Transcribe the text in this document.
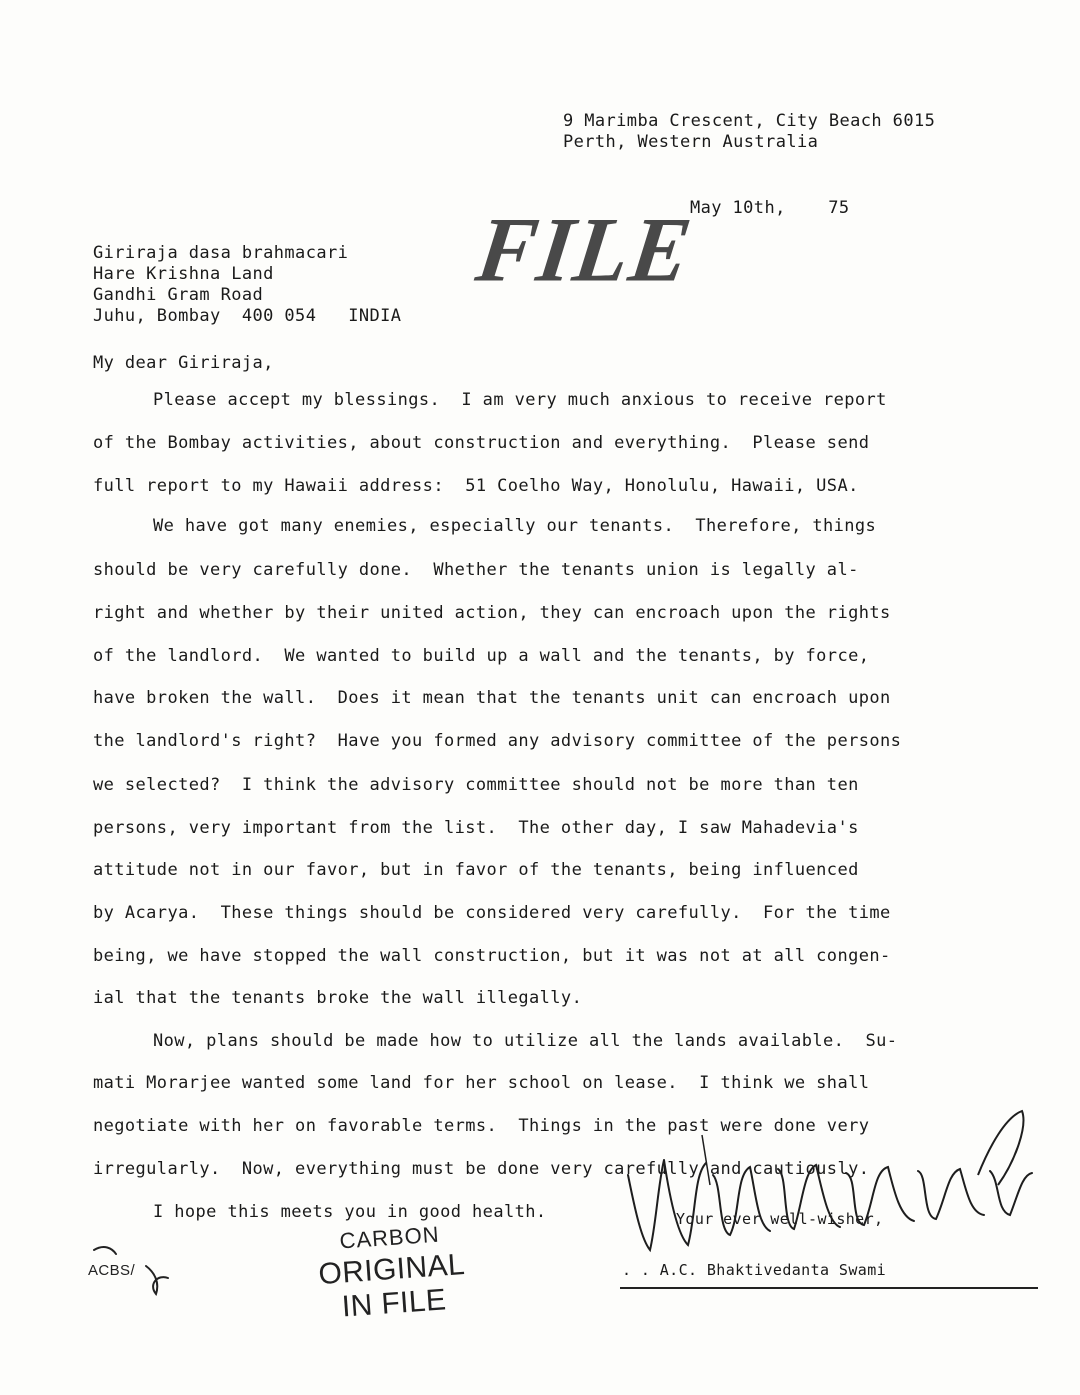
9 Marimba Crescent, City Beach 6015
Perth, Western Australia
May 10th,    75
FILE
Giriraja dasa brahmacari
Hare Krishna Land
Gandhi Gram Road
Juhu, Bombay  400 054   INDIA
My dear Giriraja,
Please accept my blessings.  I am very much anxious to receive report
of the Bombay activities, about construction and everything.  Please send
full report to my Hawaii address:  51 Coelho Way, Honolulu, Hawaii, USA.
We have got many enemies, especially our tenants.  Therefore, things
should be very carefully done.  Whether the tenants union is legally al-
right and whether by their united action, they can encroach upon the rights
of the landlord.  We wanted to build up a wall and the tenants, by force,
have broken the wall.  Does it mean that the tenants unit can encroach upon
the landlord's right?  Have you formed any advisory committee of the persons
we selected?  I think the advisory committee should not be more than ten
persons, very important from the list.  The other day, I saw Mahadevia's
attitude not in our favor, but in favor of the tenants, being influenced
by Acarya.  These things should be considered very carefully.  For the time
being, we have stopped the wall construction, but it was not at all congen-
ial that the tenants broke the wall illegally.
Now, plans should be made how to utilize all the lands available.  Su-
mati Morarjee wanted some land for her school on lease.  I think we shall
negotiate with her on favorable terms.  Things in the past were done very
irregularly.  Now, everything must be done very carefully and cautiously.
I hope this meets you in good health.	Your ever well-wisher,
. . A.C. Bhaktivedanta Swami
ACBS/
CARBON
ORIGINAL
IN FILE
